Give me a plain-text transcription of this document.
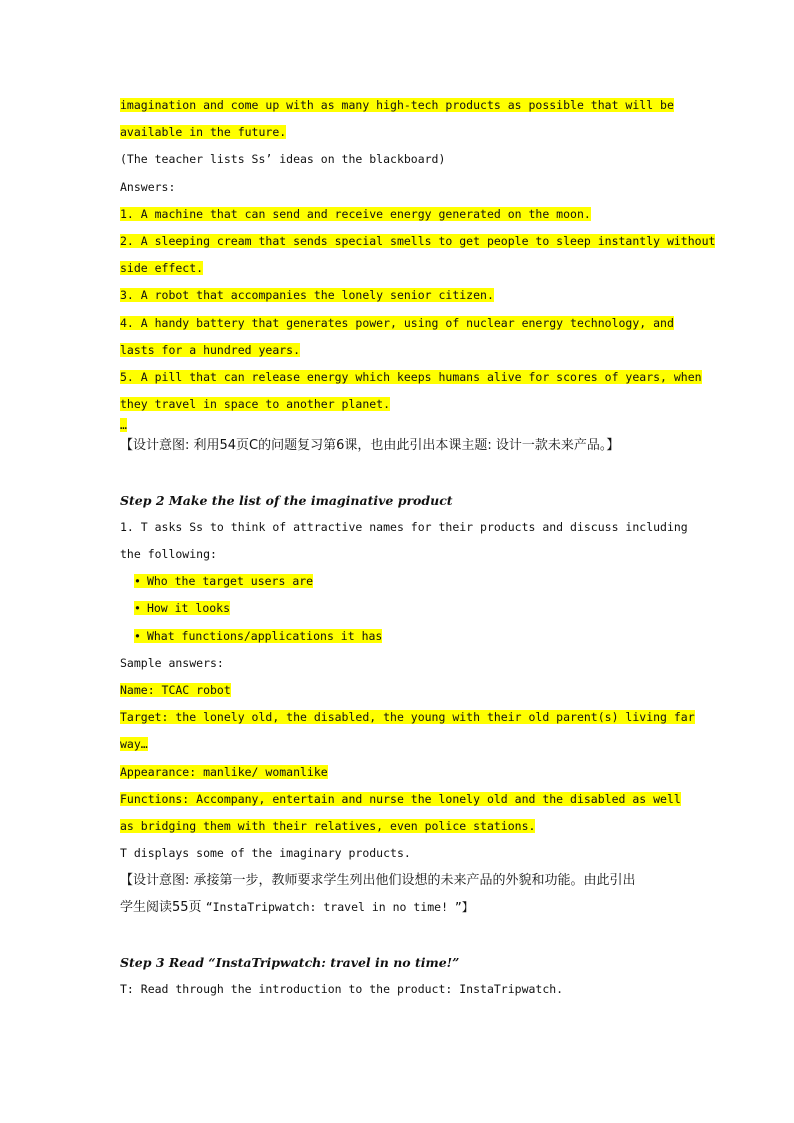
imagination and come up with as many high-tech products as possible that will be
available in the future.
(The teacher lists Ss’ ideas on the blackboard)
Answers:
1. A machine that can send and receive energy generated on the moon.
2. A sleeping cream that sends special smells to get people to sleep instantly without
side effect.
3. A robot that accompanies the lonely senior citizen.
4. A handy battery that generates power, using of nuclear energy technology, and
lasts for a hundred years.
5. A pill that can release energy which keeps humans alive for scores of years, when
they travel in space to another planet.
…
【设计意图: 利用54页C的问题复习第6课，也由此引出本课主题: 设计一款未来产品。】
Step 2 Make the list of the imaginative product
1. T asks Ss to think of attractive names for their products and discuss including
the following:
• Who the target users are
• How it looks
• What functions/applications it has
Sample answers:
Name: TCAC robot
Target: the lonely old, the disabled, the young with their old parent(s) living far
way…
Appearance: manlike/ womanlike
Functions: Accompany, entertain and nurse the lonely old and the disabled as well
as bridging them with their relatives, even police stations.
T displays some of the imaginary products.
【设计意图: 承接第一步，教师要求学生列出他们设想的未来产品的外貌和功能。由此引出
学生阅读55页 “InstaTripwatch: travel in no time! ”】
Step 3 Read “InstaTripwatch: travel in no time!”
T: Read through the introduction to the product: InstaTripwatch.
